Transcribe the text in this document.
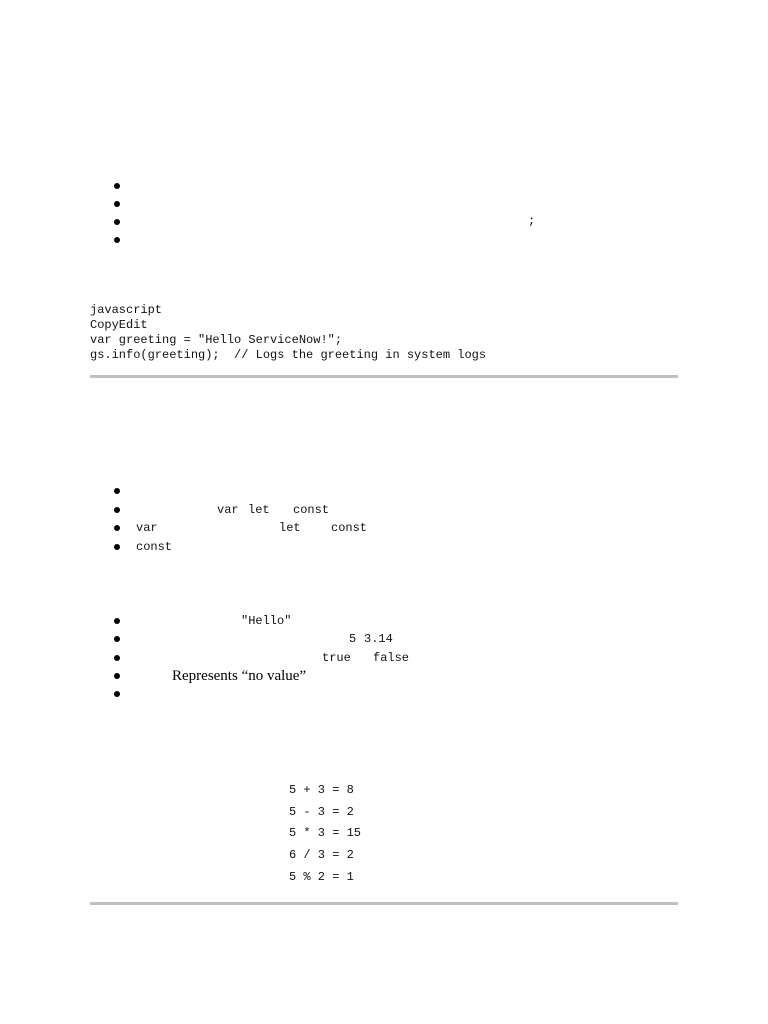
;
javascript
CopyEdit
var greeting = "Hello ServiceNow!";
gs.info(greeting);  // Logs the greeting in system logs
var let const
var	let	const
const
"Hello"
5 3.14
true false
Represents “no value”
5 + 3 = 8
5 - 3 = 2
5 * 3 = 15
6 / 3 = 2
5 % 2 = 1
